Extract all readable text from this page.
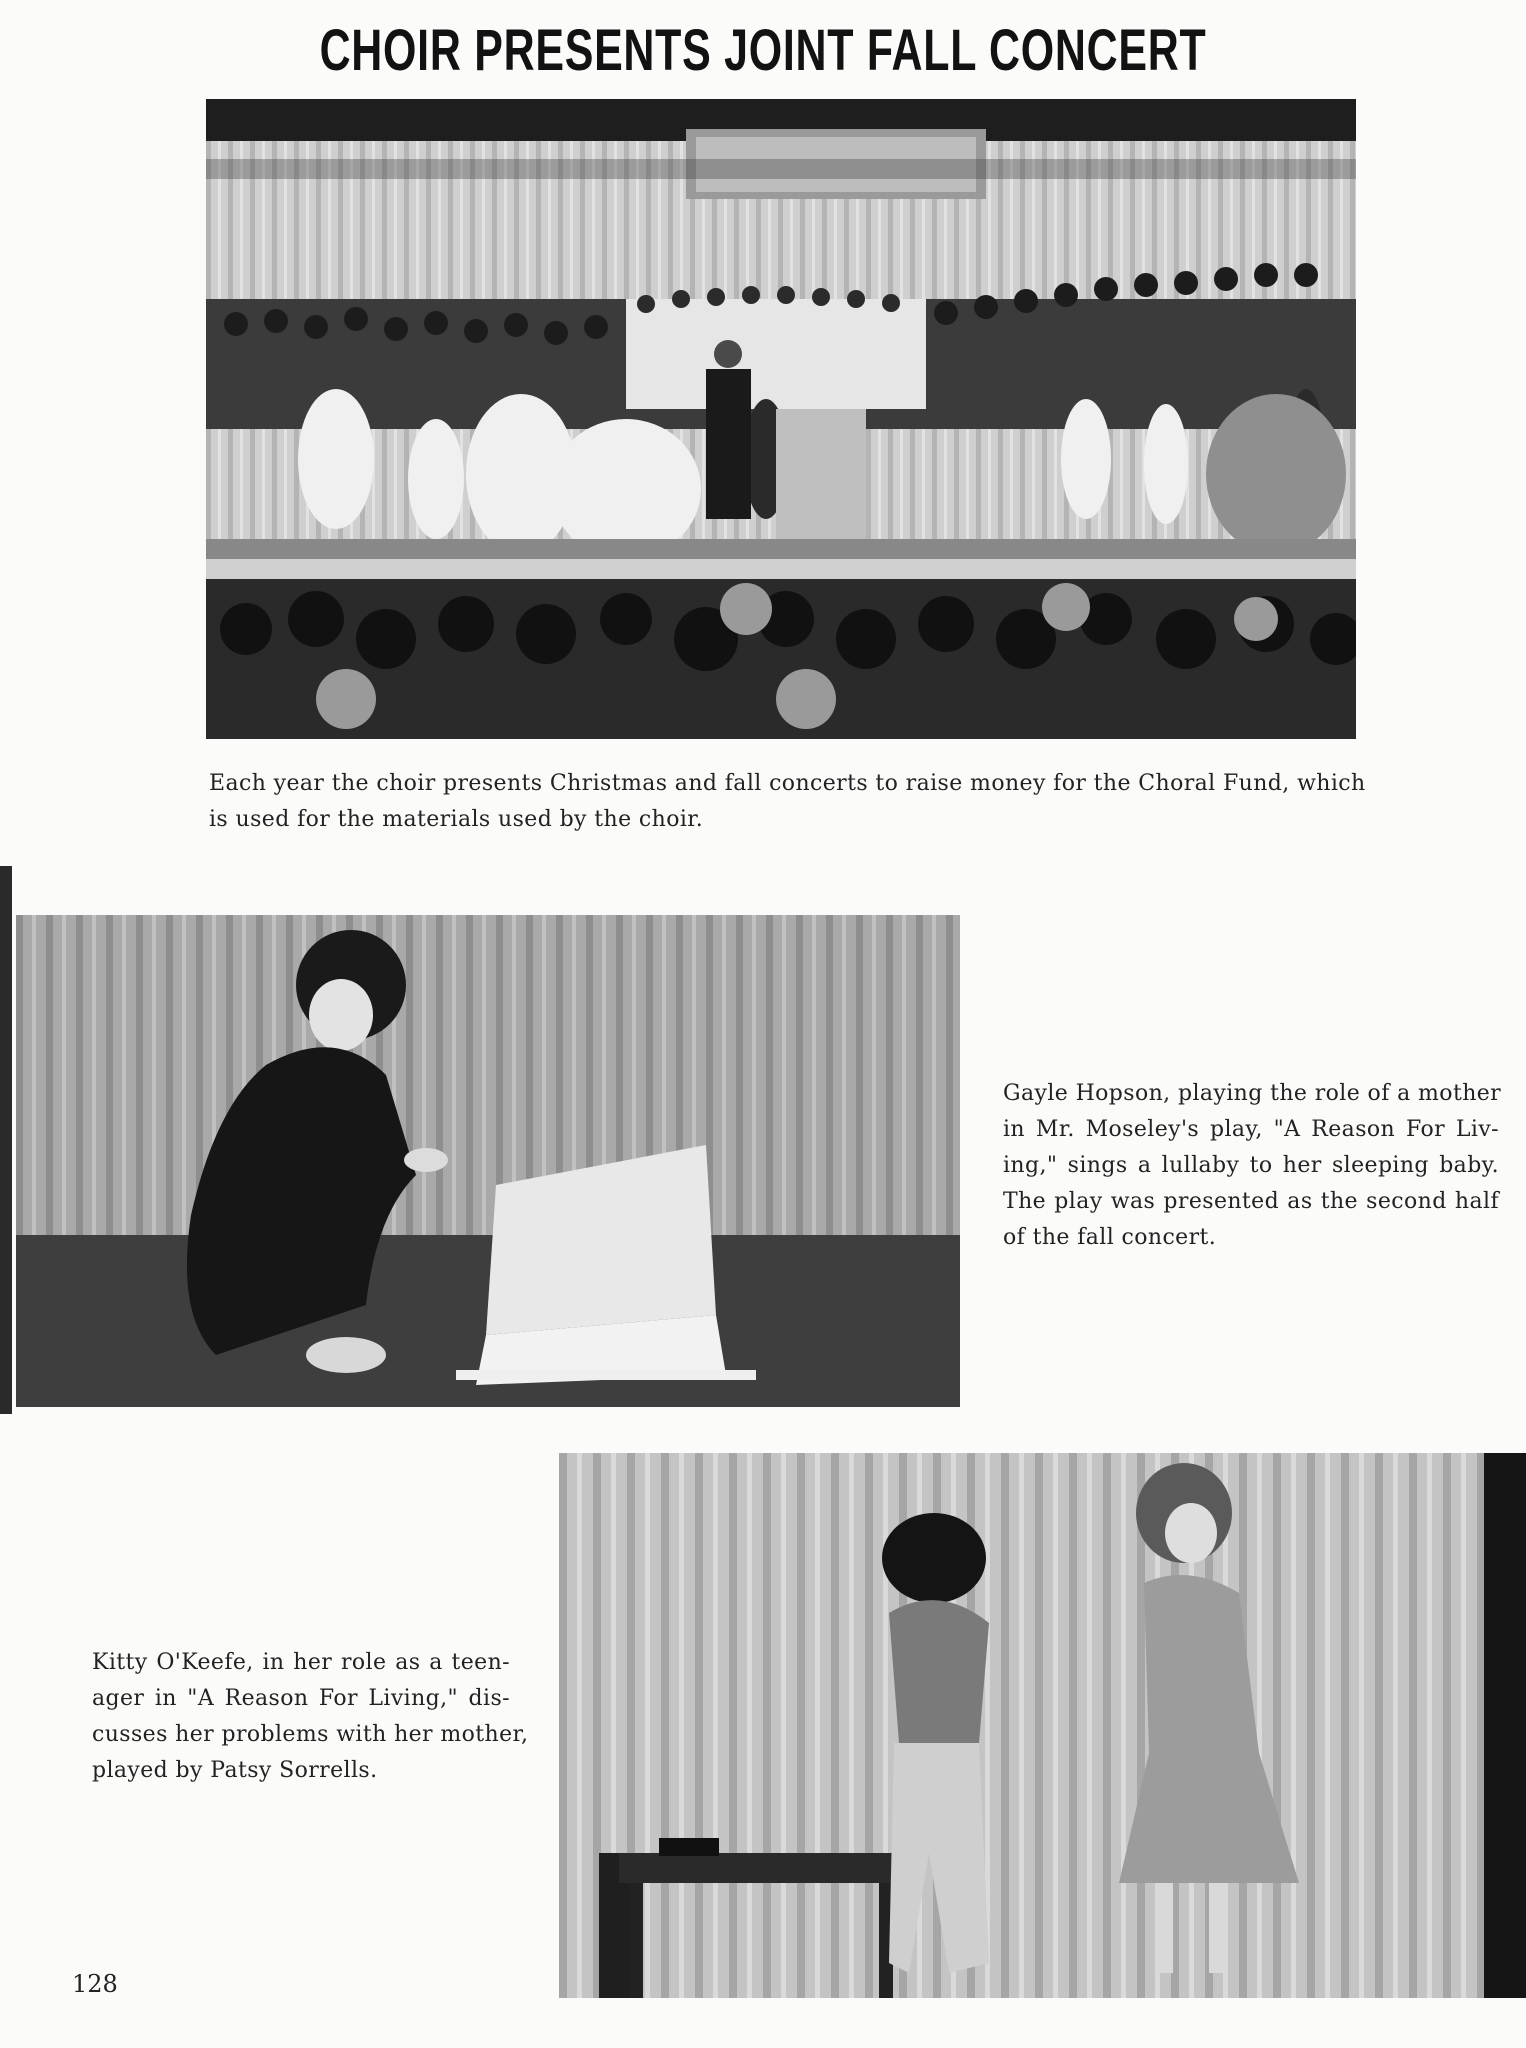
CHOIR PRESENTS JOINT FALL CONCERT
Each year the choir presents Christmas and fall concerts to raise money for the Choral Fund, which
is used for the materials used by the choir.
Gayle Hopson, playing the role of a mother
in Mr. Moseley's play, "A Reason For Liv-
ing," sings a lullaby to her sleeping baby.
The play was presented as the second half
of the fall concert.
Kitty O'Keefe, in her role as a teen-
ager in "A Reason For Living," dis-
cusses her problems with her mother,
played by Patsy Sorrells.
128
